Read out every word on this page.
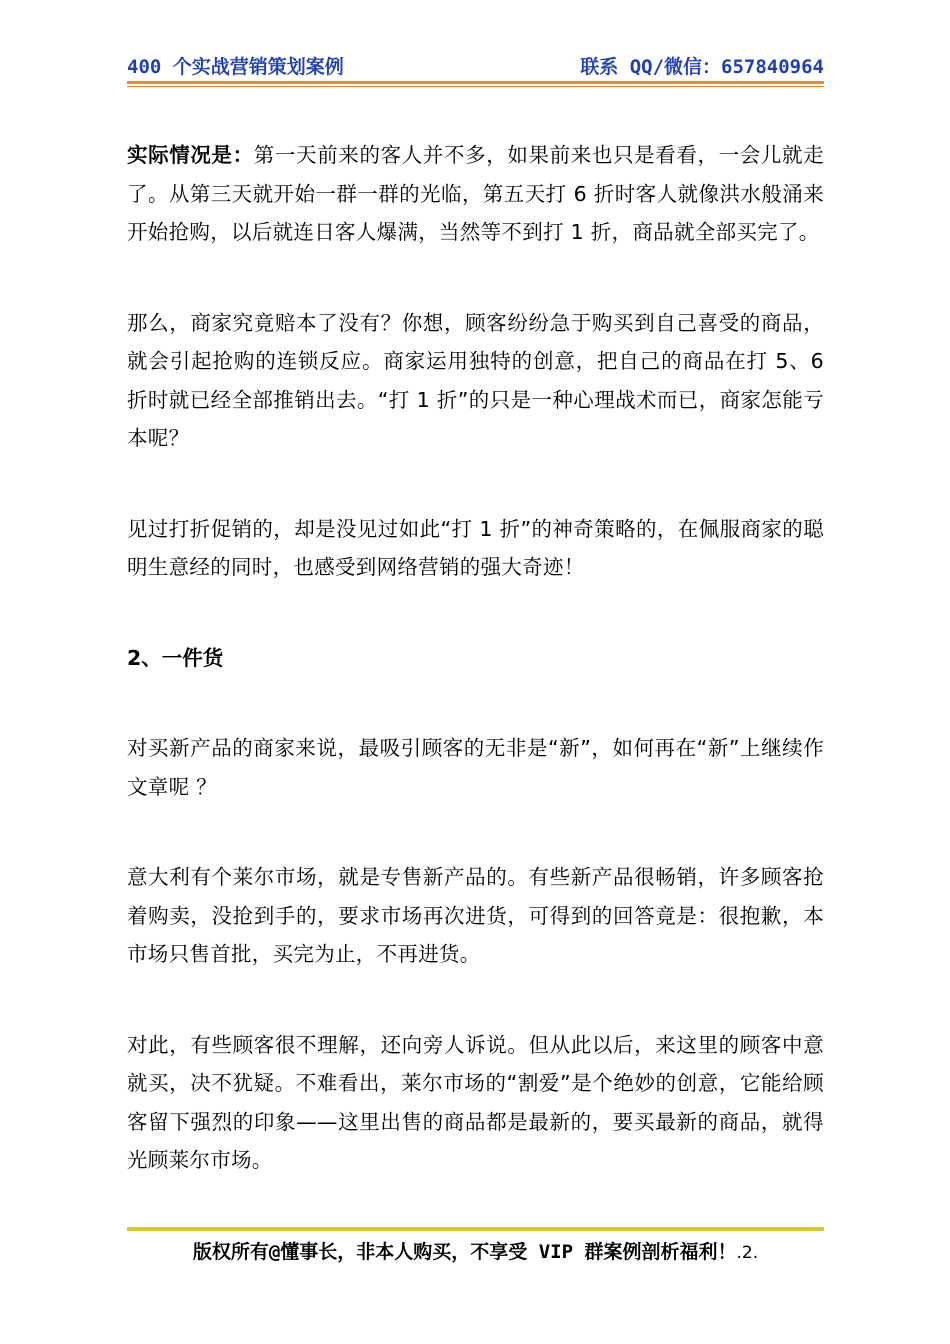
400 个实战营销策划案例	联系 QQ/微信：657840964

实际情况是：第一天前来的客人并不多，如果前来也只是看看，一会儿就走了。从第三天就开始一群一群的光临，第五天打 6 折时客人就像洪水般涌来开始抢购，以后就连日客人爆满，当然等不到打 1 折，商品就全部买完了。

那么，商家究竟赔本了没有？你想，顾客纷纷急于购买到自己喜受的商品，就会引起抢购的连锁反应。商家运用独特的创意，把自己的商品在打 5、6 折时就已经全部推销出去。“打 1 折”的只是一种心理战术而已，商家怎能亏本呢？

见过打折促销的，却是没见过如此“打 1 折”的神奇策略的，在佩服商家的聪明生意经的同时，也感受到网络营销的强大奇迹！

2、一件货

对买新产品的商家来说，最吸引顾客的无非是“新”，如何再在“新”上继续作文章呢 ？

意大利有个莱尔市场，就是专售新产品的。有些新产品很畅销，许多顾客抢着购卖，没抢到手的，要求市场再次进货，可得到的回答竟是：很抱歉，本市场只售首批，买完为止，不再进货。

对此，有些顾客很不理解，还向旁人诉说。但从此以后，来这里的顾客中意就买，决不犹疑。不难看出，莱尔市场的“割爱”是个绝妙的创意，它能给顾客留下强烈的印象——这里出售的商品都是最新的，要买最新的商品，就得光顾莱尔市场。

版权所有@懂事长，非本人购买，不享受 VIP 群案例剖析福利！.2.
